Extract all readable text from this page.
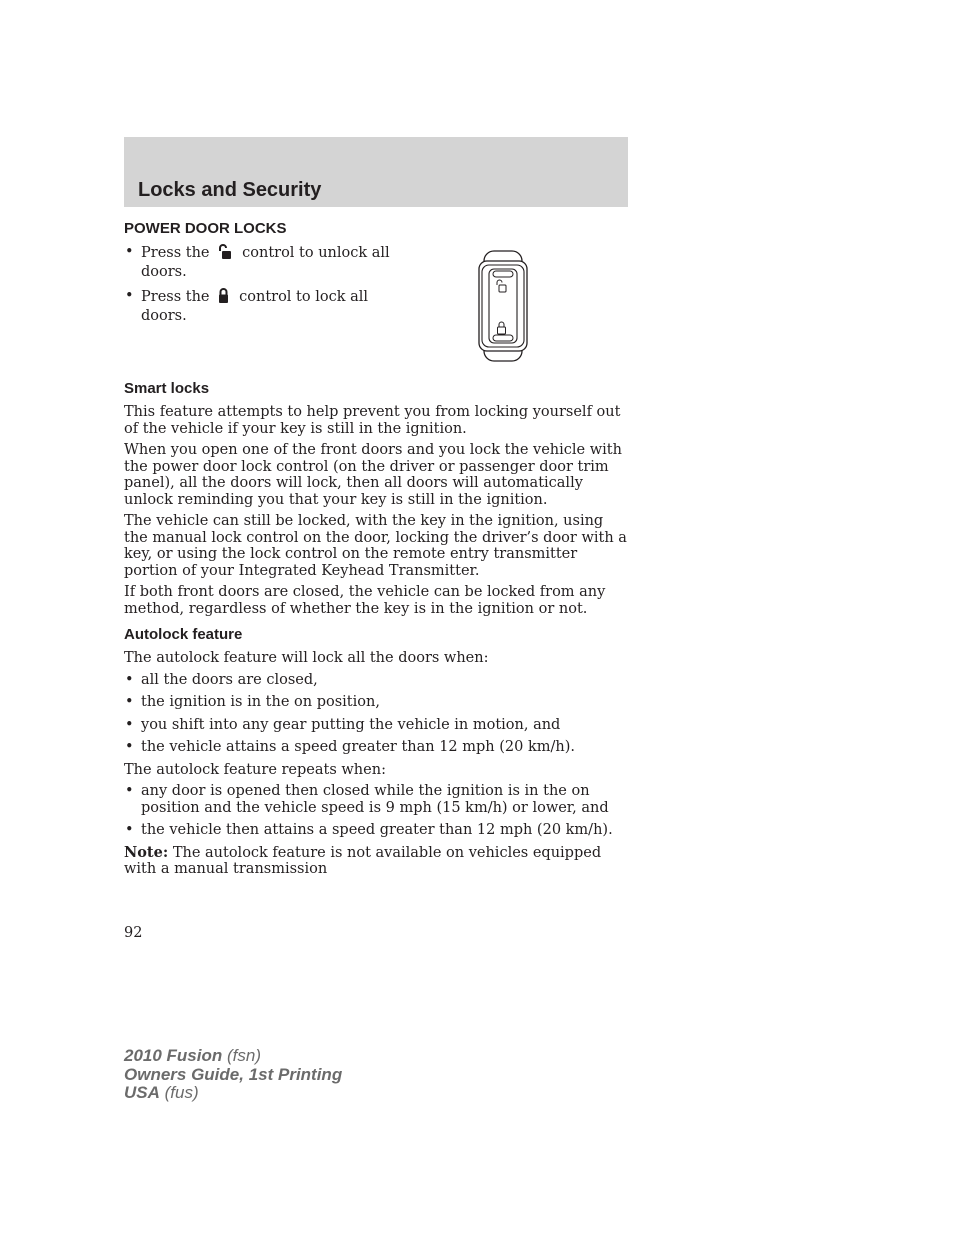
Locks and Security
POWER DOOR LOCKS
• Press the control to unlock all doors.
• Press the control to lock all doors.
Smart locks

This feature attempts to help prevent you from locking yourself out of the vehicle if your key is still in the ignition.

When you open one of the front doors and you lock the vehicle with the power door lock control (on the driver or passenger door trim panel), all the doors will lock, then all doors will automatically unlock reminding you that your key is still in the ignition.

The vehicle can still be locked, with the key in the ignition, using the manual lock control on the door, locking the driver’s door with a key, or using the lock control on the remote entry transmitter portion of your Integrated Keyhead Transmitter.

If both front doors are closed, the vehicle can be locked from any method, regardless of whether the key is in the ignition or not.

Autolock feature

The autolock feature will lock all the doors when:

• all the doors are closed,
• the ignition is in the on position,
• you shift into any gear putting the vehicle in motion, and
• the vehicle attains a speed greater than 12 mph (20 km/h).

The autolock feature repeats when:

• any door is opened then closed while the ignition is in the on position and the vehicle speed is 9 mph (15 km/h) or lower, and
• the vehicle then attains a speed greater than 12 mph (20 km/h).

Note: The autolock feature is not available on vehicles equipped with a manual transmission

92
2010 Fusion (fsn)
Owners Guide, 1st Printing
USA (fus)
